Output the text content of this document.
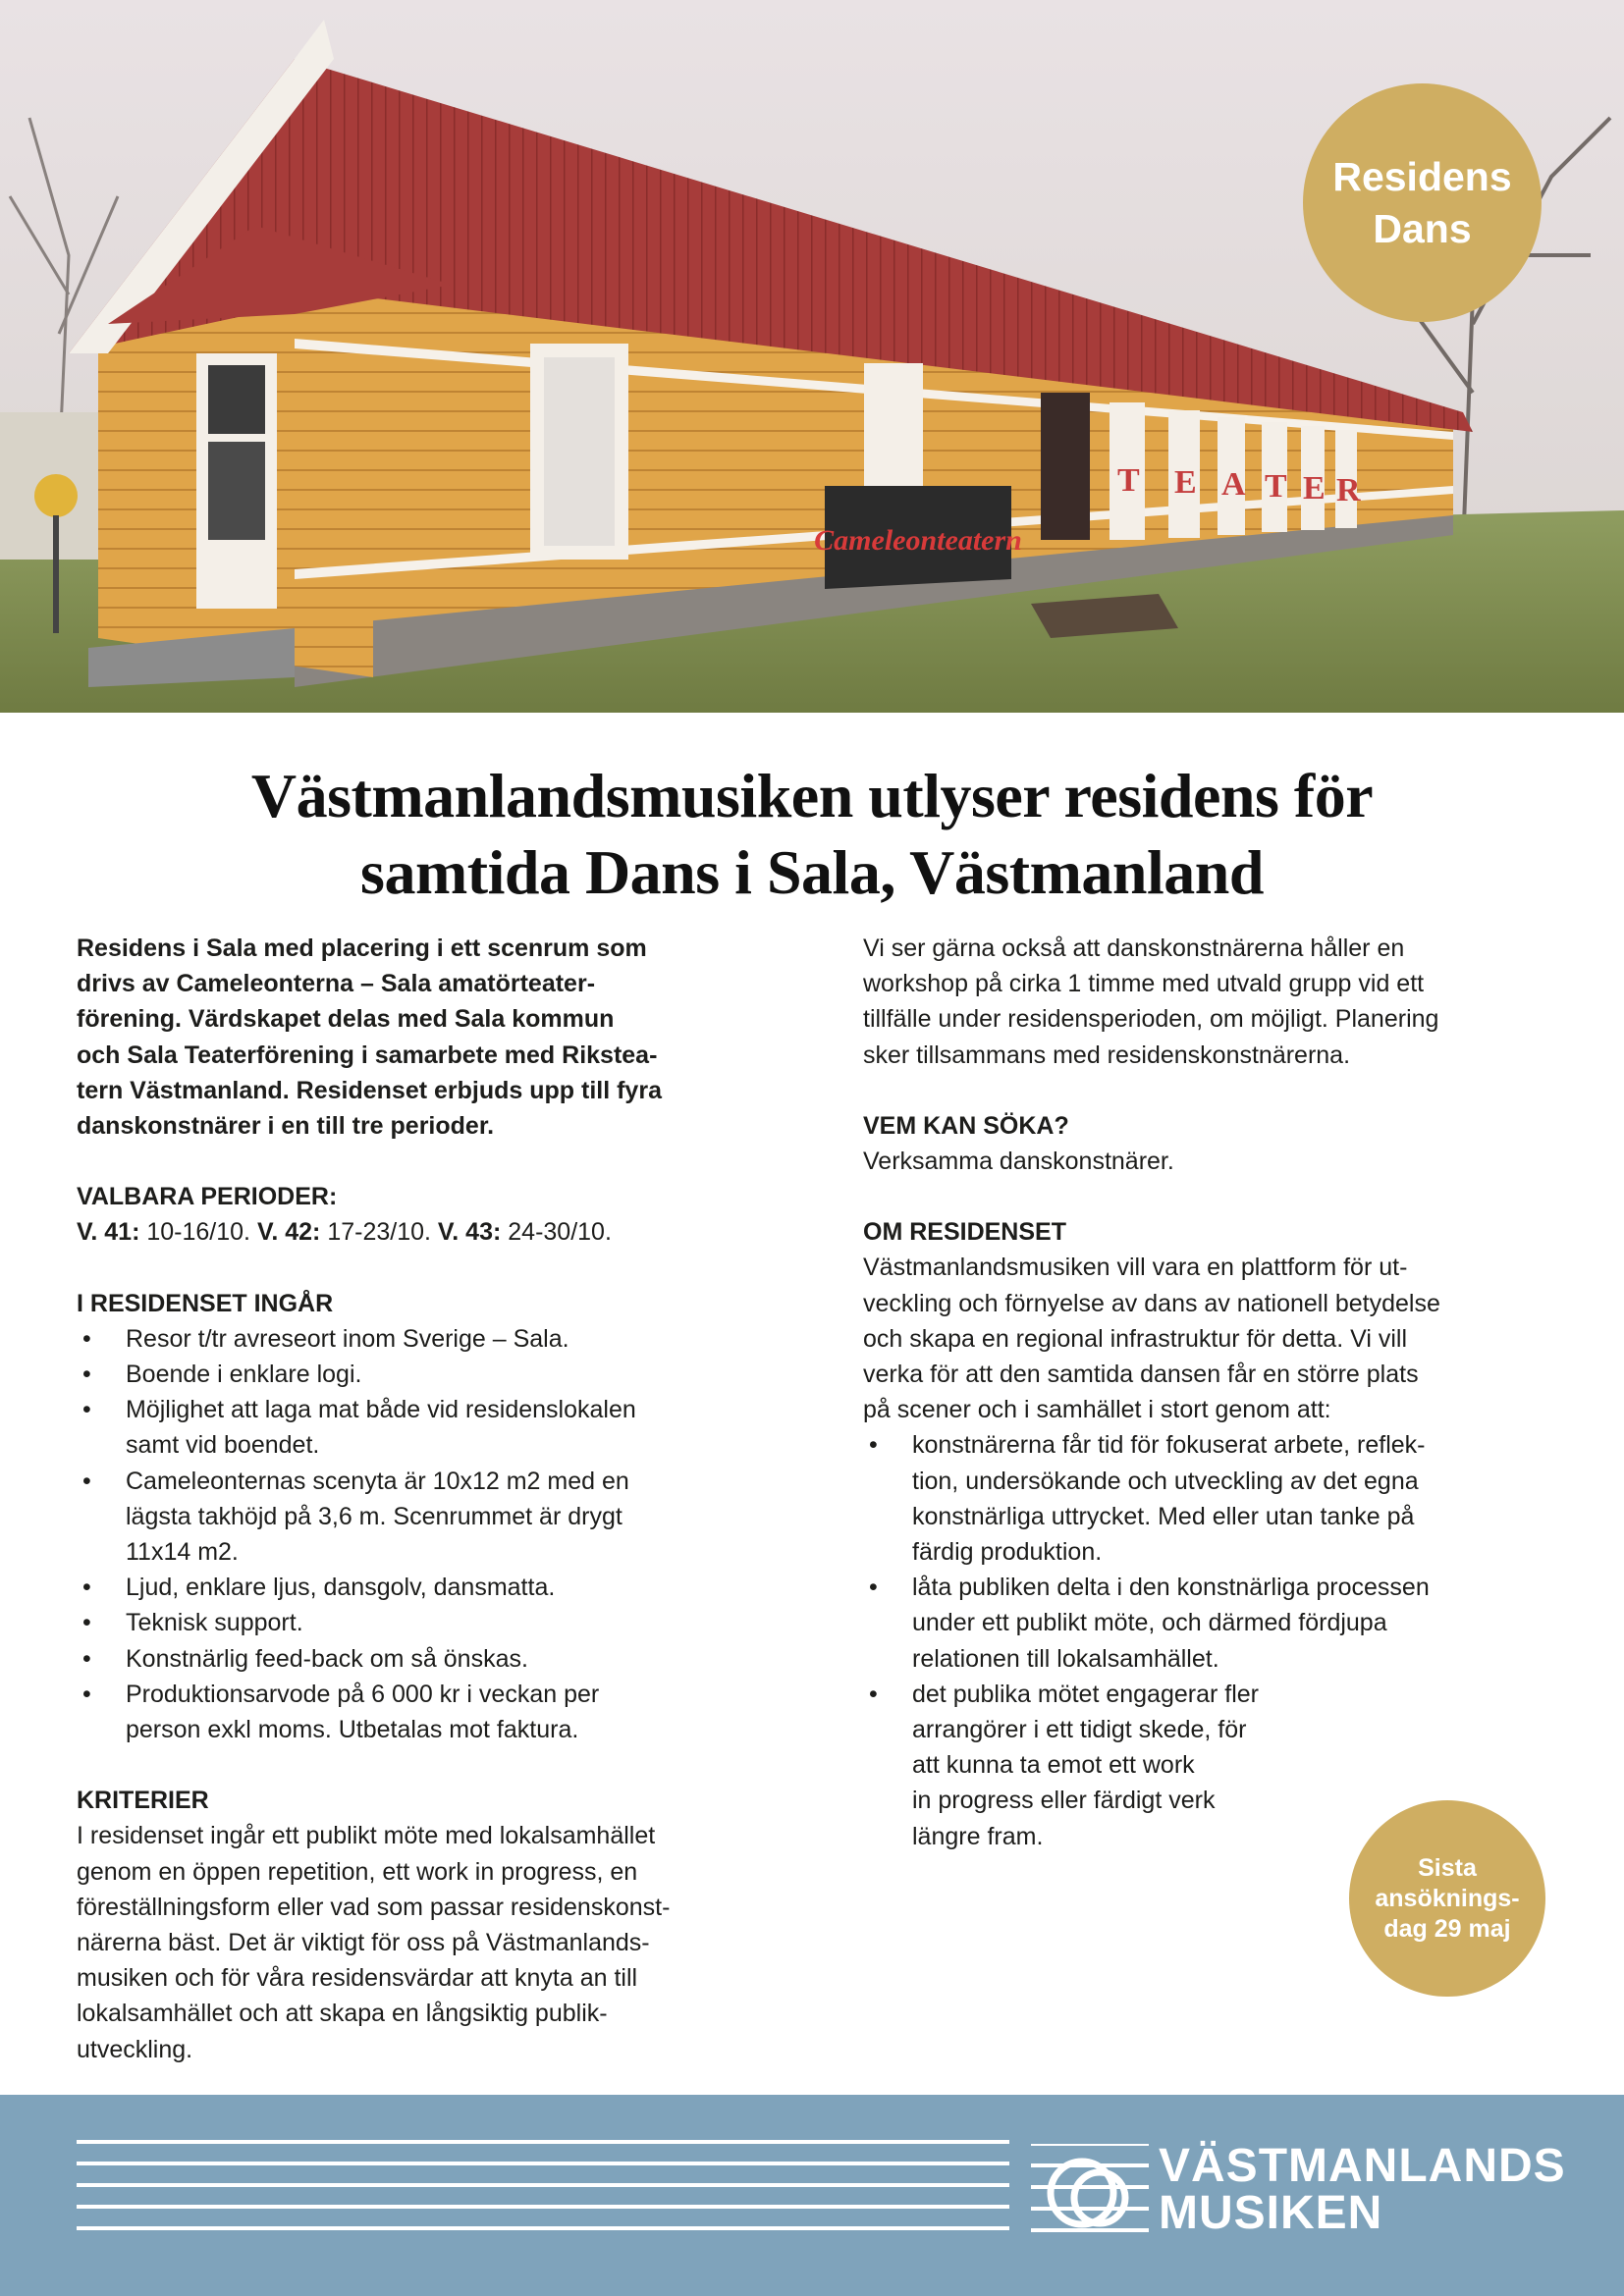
Cameleonteatern
T E A T E R
Residens
Dans
Västmanlandsmusiken utlyser residens för
samtida Dans i Sala, Västmanland
Residens i Sala med placering i ett scenrum som
drivs av Cameleonterna – Sala amatörteater-
förening. Värdskapet delas med Sala kommun
och Sala Teaterförening i samarbete med Rikstea-
tern Västmanland. Residenset erbjuds upp till fyra
danskonstnärer i en till tre perioder.
VALBARA PERIODER:
V. 41: 10-16/10. V. 42: 17-23/10. V. 43: 24-30/10.
I RESIDENSET INGÅR
• Resor t/tr avreseort inom Sverige – Sala.
• Boende i enklare logi.
• Möjlighet att laga mat både vid residenslokalen
samt vid boendet.
• Cameleonternas scenyta är 10x12 m2 med en
lägsta takhöjd på 3,6 m. Scenrummet är drygt
11x14 m2.
• Ljud, enklare ljus, dansgolv, dansmatta.
• Teknisk support.
• Konstnärlig feed-back om så önskas.
• Produktionsarvode på 6 000 kr i veckan per
person exkl moms. Utbetalas mot faktura.
KRITERIER
I residenset ingår ett publikt möte med lokalsamhället
genom en öppen repetition, ett work in progress, en
föreställningsform eller vad som passar residenskonst-
närerna bäst. Det är viktigt för oss på Västmanlands-
musiken och för våra residensvärdar att knyta an till
lokalsamhället och att skapa en långsiktig publik-
utveckling.
Vi ser gärna också att danskonstnärerna håller en
workshop på cirka 1 timme med utvald grupp vid ett
tillfälle under residensperioden, om möjligt. Planering
sker tillsammans med residenskonstnärerna.
VEM KAN SÖKA?
Verksamma danskonstnärer.
OM RESIDENSET
Västmanlandsmusiken vill vara en plattform för ut-
veckling och förnyelse av dans av nationell betydelse
och skapa en regional infrastruktur för detta. Vi vill
verka för att den samtida dansen får en större plats
på scener och i samhället i stort genom att:
• konstnärerna får tid för fokuserat arbete, reflek-
tion, undersökande och utveckling av det egna
konstnärliga uttrycket. Med eller utan tanke på
färdig produktion.
• låta publiken delta i den konstnärliga processen
under ett publikt möte, och därmed fördjupa
relationen till lokalsamhället.
• det publika mötet engagerar fler
arrangörer i ett tidigt skede, för
att kunna ta emot ett work
in progress eller färdigt verk
längre fram.
Sista
ansöknings-
dag 29 maj
VÄSTMANLANDS
MUSIKEN
